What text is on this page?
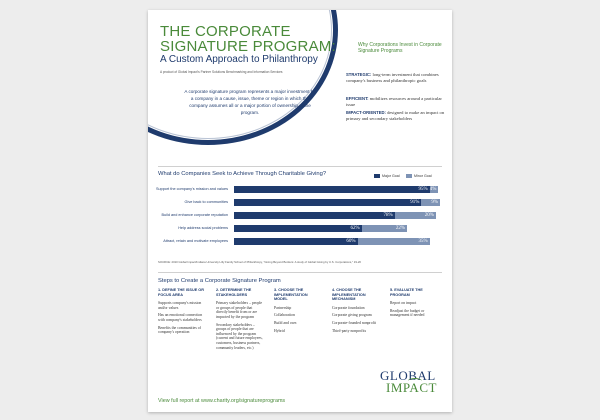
THE CORPORATE SIGNATURE PROGRAM:
A Custom Approach to Philanthropy
A product of Global Impact's Partner Solutions Benchmarking and Information Services
A corporate signature program represents a major investment by a company in a cause, issue, theme or region in which the company assumes all or a major portion of ownership of the program.
Why Corporations Invest in Corporate Signature Programs
STRATEGIC: long-term investment that combines company's business and philanthropic goals
EFFICIENT: mobilizes resources around a particular issue
IMPACT-ORIENTED: designed to make an impact on primary and secondary stakeholders
What do Companies Seek to Achieve Through Charitable Giving?	Major Goal	Minor Goal
Support the company's mission and values	95% 4%
Give back to communities	91%	9%
Build and enhance corporate reputation	78%	20%
Help address social problems	62%	22%
Attract, retain and motivate employees	60%	35%
SOURCE: 2010 Global Impact/Indiana University Lilly Family School of Philanthropy, "Giving Beyond Borders: A study of Global Giving by U.S. Corporations," 19-20
Steps to Create a Corporate Signature Program
1. DEFINE THE ISSUE OR FOCUS AREA
Supports company's mission and/or values
Has an emotional connection with company's stakeholders
Benefits the communities of company's operation
2. DETERMINE THE STAKEHOLDERS
Primary stakeholders – people or groups of people that directly benefit from or are impacted by the program
Secondary stakeholders – groups of people that are influenced by the program (current and future employees, customers, business partners, community leaders, etc.)
3. CHOOSE THE IMPLEMENTATION MODEL
Partnership
Collaboration
Build and own
Hybrid
4. CHOOSE THE IMPLEMENTATION MECHANISM
Corporate foundation
Corporate giving program
Corporate-founded nonprofit
Third-party nonprofits
5. EVALUATE THE PROGRAM
Report on impact
Readjust the budget or management if needed
GLOBAL
IMPACT
View full report at www.charity.org/signatureprograms
